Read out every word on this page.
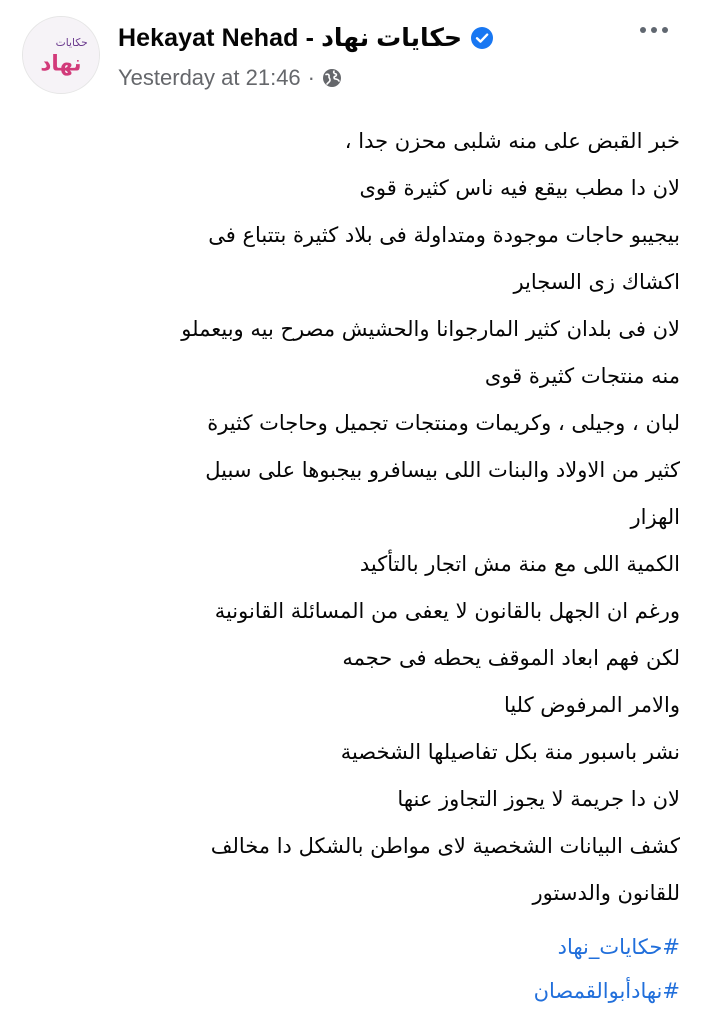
حكايات
نهاد
Hekayat Nehad - حكايات نهاد
Yesterday at 21:46 ·
خبر القبض على منه شلبى محزن جدا ،
لان دا مطب بيقع فيه ناس كثيرة قوى
بيجيبو حاجات موجودة ومتداولة فى بلاد كثيرة بتتباع فى
اكشاك زى السجاير
لان فى بلدان كثير المارجوانا والحشيش مصرح بيه وبيعملو
منه منتجات كثيرة قوى
لبان ، وجيلى ، وكريمات ومنتجات تجميل وحاجات كثيرة
كثير من الاولاد والبنات اللى بيسافرو بيجبوها على سبيل
الهزار
الكمية اللى مع منة مش اتجار بالتأكيد
ورغم ان الجهل بالقانون لا يعفى من المسائلة القانونية
لكن فهم ابعاد الموقف يحطه فى حجمه
والامر المرفوض كليا
نشر باسبور منة بكل تفاصيلها الشخصية
لان دا جريمة لا يجوز التجاوز عنها
كشف البيانات الشخصية لاى مواطن بالشكل دا مخالف
للقانون والدستور
#حكايات_نهاد
#نهادأبوالقمصان
